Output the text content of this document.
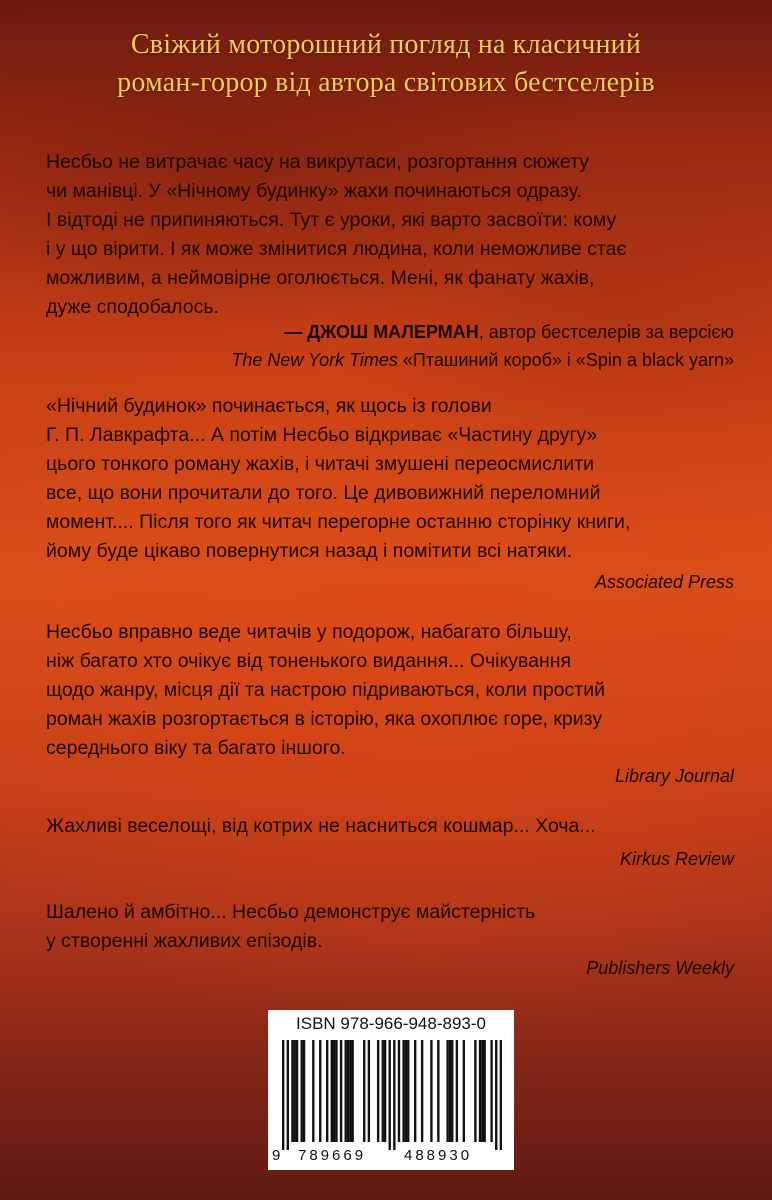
Свіжий моторошний погляд на класичний
роман-горор від автора світових бестселерів

Несбьо не витрачає часу на викрутаси, розгортання сюжету

чи манівці. У «Нічному будинку» жахи починаються одразу.

І відтоді не припиняються. Тут є уроки, які варто засвоїти: кому

і у що вірити. І як може змінитися людина, коли неможливе стає

можливим, а неймовірне оголюється. Мені, як фанату жахів,

дуже сподобалось.

— ДЖОШ МАЛЕРМАН, автор бестселерів за версією
The New York Times «Пташиний короб» і «Spin a black yarn»

«Нічний будинок» починається, як щось із голови

Г. П. Лавкрафта... А потім Несбьо відкриває «Частину другу»

цього тонкого роману жахів, і читачі змушені переосмислити

все, що вони прочитали до того. Це дивовижний переломний

момент.... Після того як читач перегорне останню сторінку книги,

йому буде цікаво повернутися назад і помітити всі натяки.

Associated Press

Несбьо вправно веде читачів у подорож, набагато більшу,

ніж багато хто очікує від тоненького видання... Очікування

щодо жанру, місця дії та настрою підриваються, коли простий

роман жахів розгортається в історію, яка охоплює горе, кризу

середнього віку та багато іншого.

Library Journal

Жахливі веселощі, від котрих не насниться кошмар... Хоча...

Kirkus Review

Шалено й амбітно... Несбьо демонструє майстерність

у створенні жахливих епізодів.

Publishers Weekly
ISBN 978-966-948-893-0
9 789669	488930
